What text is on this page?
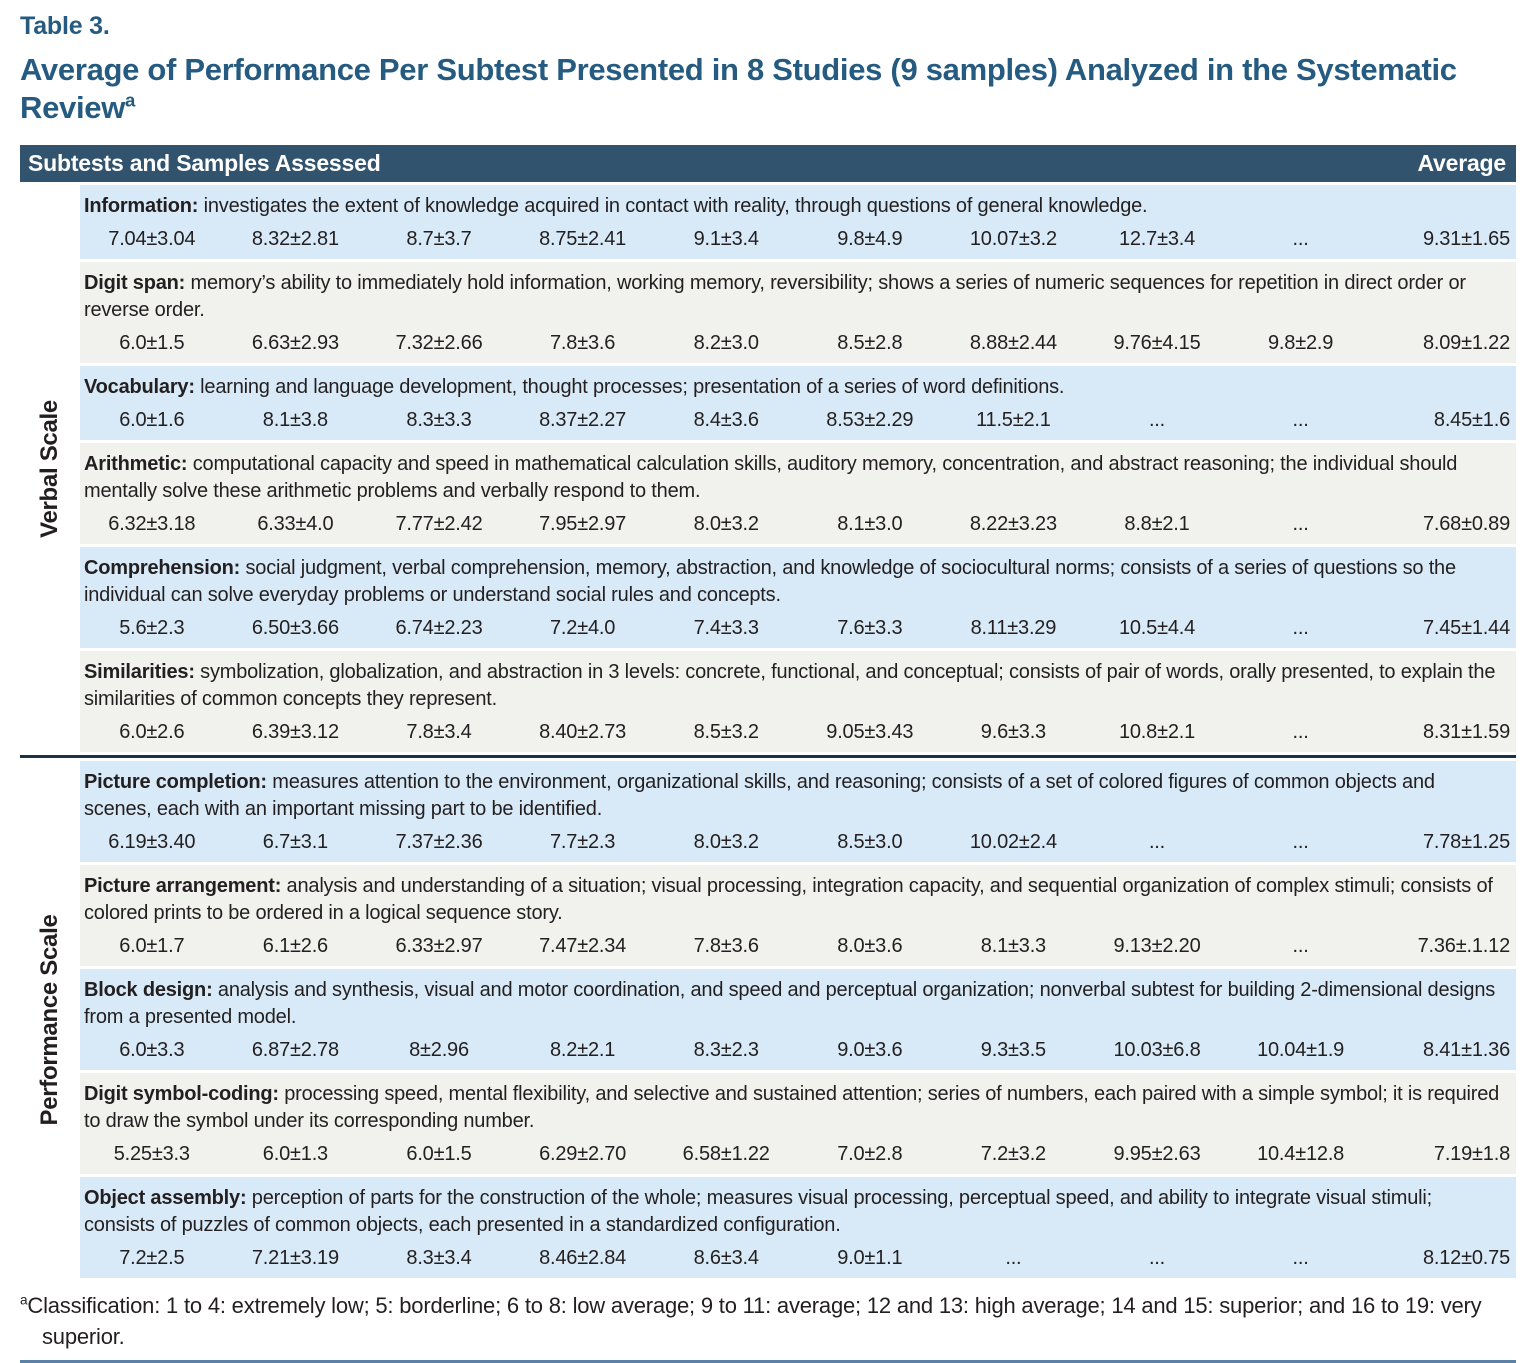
Table 3.
Average of Performance Per Subtest Presented in 8 Studies (9 samples) Analyzed in the Systematic Review$^a$
Subtests and Samples Assessed	Average
Verbal Scale

Information: investigates the extent of knowledge acquired in contact with reality, through questions of general knowledge.

7.04±3.04	8.32±2.81	8.7±3.7	8.75±2.41	9.1±3.4	9.8±4.9	10.07±3.2	12.7±3.4	...	9.31±1.65

Digit span: memory’s ability to immediately hold information, working memory, reversibility; shows a series of numeric sequences for repetition in direct order or reverse order.

6.0±1.5	6.63±2.93	7.32±2.66	7.8±3.6	8.2±3.0	8.5±2.8	8.88±2.44	9.76±4.15	9.8±2.9	8.09±1.22

Vocabulary: learning and language development, thought processes; presentation of a series of word definitions.

6.0±1.6	8.1±3.8	8.3±3.3	8.37±2.27	8.4±3.6	8.53±2.29	11.5±2.1	...	...	8.45±1.6

Arithmetic: computational capacity and speed in mathematical calculation skills, auditory memory, concentration, and abstract reasoning; the individual should mentally solve these arithmetic problems and verbally respond to them.

6.32±3.18	6.33±4.0	7.77±2.42	7.95±2.97	8.0±3.2	8.1±3.0	8.22±3.23	8.8±2.1	...	7.68±0.89

Comprehension: social judgment, verbal comprehension, memory, abstraction, and knowledge of sociocultural norms; consists of a series of questions so the individual can solve everyday problems or understand social rules and concepts.

5.6±2.3	6.50±3.66	6.74±2.23	7.2±4.0	7.4±3.3	7.6±3.3	8.11±3.29	10.5±4.4	...	7.45±1.44

Similarities: symbolization, globalization, and abstraction in 3 levels: concrete, functional, and conceptual; consists of pair of words, orally presented, to explain the similarities of common concepts they represent.

6.0±2.6	6.39±3.12	7.8±3.4	8.40±2.73	8.5±3.2	9.05±3.43	9.6±3.3	10.8±2.1	...	8.31±1.59
Performance Scale

Picture completion: measures attention to the environment, organizational skills, and reasoning; consists of a set of colored figures of common objects and scenes, each with an important missing part to be identified.

6.19±3.40	6.7±3.1	7.37±2.36	7.7±2.3	8.0±3.2	8.5±3.0	10.02±2.4	...	...	7.78±1.25

Picture arrangement: analysis and understanding of a situation; visual processing, integration capacity, and sequential organization of complex stimuli; consists of colored prints to be ordered in a logical sequence story.

6.0±1.7	6.1±2.6	6.33±2.97	7.47±2.34	7.8±3.6	8.0±3.6	8.1±3.3	9.13±2.20	...	7.36±.1.12

Block design: analysis and synthesis, visual and motor coordination, and speed and perceptual organization; nonverbal subtest for building 2-dimensional designs from a presented model.

6.0±3.3	6.87±2.78	8±2.96	8.2±2.1	8.3±2.3	9.0±3.6	9.3±3.5	10.03±6.8	10.04±1.9	8.41±1.36

Digit symbol-coding: processing speed, mental flexibility, and selective and sustained attention; series of numbers, each paired with a simple symbol; it is required to draw the symbol under its corresponding number.

5.25±3.3	6.0±1.3	6.0±1.5	6.29±2.70	6.58±1.22	7.0±2.8	7.2±3.2	9.95±2.63	10.4±12.8	7.19±1.8

Object assembly: perception of parts for the construction of the whole; measures visual processing, perceptual speed, and ability to integrate visual stimuli; consists of puzzles of common objects, each presented in a standardized configuration.

7.2±2.5	7.21±3.19	8.3±3.4	8.46±2.84	8.6±3.4	9.0±1.1	...	...	...	8.12±0.75
$^a$Classification: 1 to 4: extremely low; 5: borderline; 6 to 8: low average; 9 to 11: average; 12 and 13: high average; 14 and 15: superior; and 16 to 19: very superior.
